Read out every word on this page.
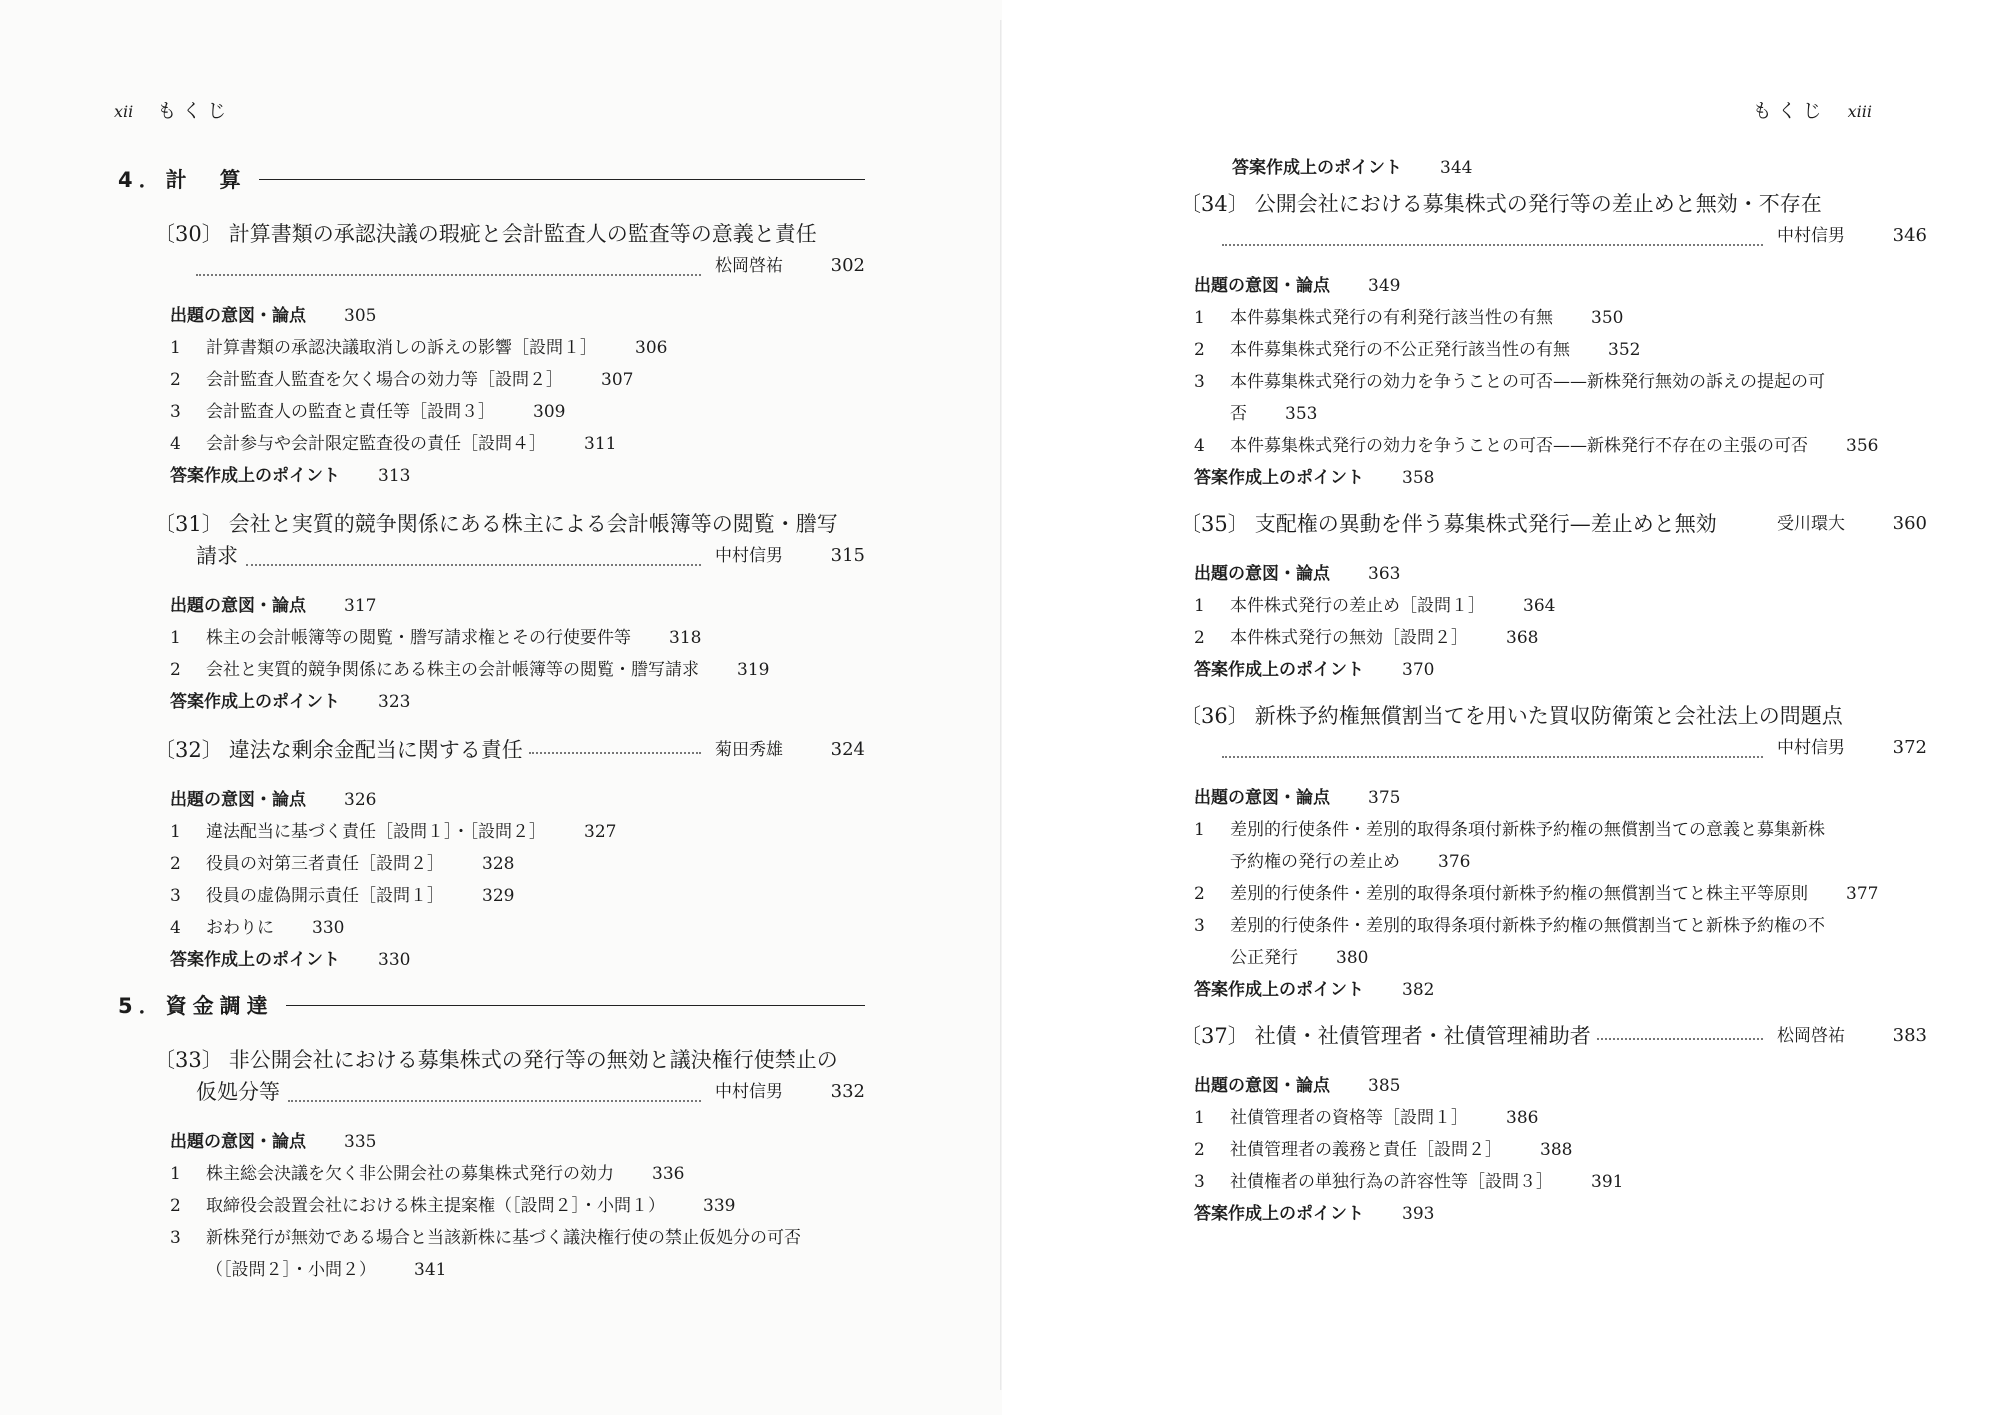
xii もくじ
4．計　算
〔30〕 計算書類の承認決議の瑕疵と会計監査人の監査等の意義と責任
松岡啓祐	302
出題の意図・論点 305
1	計算書類の承認決議取消しの訴えの影響［設問１］ 306
2	会計監査人監査を欠く場合の効力等［設問２］ 307
3	会計監査人の監査と責任等［設問３］ 309
4	会計参与や会計限定監査役の責任［設問４］ 311
答案作成上のポイント 313
〔31〕 会社と実質的競争関係にある株主による会計帳簿等の閲覧・謄写
請求	中村信男	315
出題の意図・論点 317
1	株主の会計帳簿等の閲覧・謄写請求権とその行使要件等 318
2	会社と実質的競争関係にある株主の会計帳簿等の閲覧・謄写請求 319
答案作成上のポイント 323
〔32〕 違法な剰余金配当に関する責任	菊田秀雄	324
出題の意図・論点 326
1	違法配当に基づく責任［設問１］・［設問２］ 327
2	役員の対第三者責任［設問２］ 328
3	役員の虚偽開示責任［設問１］ 329
4	おわりに 330
答案作成上のポイント 330
5．資金調達
〔33〕 非公開会社における募集株式の発行等の無効と議決権行使禁止の
仮処分等	中村信男	332
出題の意図・論点 335
1	株主総会決議を欠く非公開会社の募集株式発行の効力 336
2	取締役会設置会社における株主提案権（［設問２］・小問１） 339
3	新株発行が無効である場合と当該新株に基づく議決権行使の禁止仮処分の可否
（［設問２］・小問２） 341
もくじ xiii
答案作成上のポイント 344
〔34〕 公開会社における募集株式の発行等の差止めと無効・不存在
中村信男	346
出題の意図・論点 349
1	本件募集株式発行の有利発行該当性の有無 350
2	本件募集株式発行の不公正発行該当性の有無 352
3	本件募集株式発行の効力を争うことの可否——新株発行無効の訴えの提起の可
否 353
4	本件募集株式発行の効力を争うことの可否——新株発行不存在の主張の可否 356
答案作成上のポイント 358
〔35〕 支配権の異動を伴う募集株式発行—差止めと無効	受川環大	360
出題の意図・論点 363
1	本件株式発行の差止め［設問１］ 364
2	本件株式発行の無効［設問２］ 368
答案作成上のポイント 370
〔36〕 新株予約権無償割当てを用いた買収防衛策と会社法上の問題点
中村信男	372
出題の意図・論点 375
1	差別的行使条件・差別的取得条項付新株予約権の無償割当ての意義と募集新株
予約権の発行の差止め 376
2	差別的行使条件・差別的取得条項付新株予約権の無償割当てと株主平等原則 377
3	差別的行使条件・差別的取得条項付新株予約権の無償割当てと新株予約権の不
公正発行 380
答案作成上のポイント 382
〔37〕 社債・社債管理者・社債管理補助者	松岡啓祐	383
出題の意図・論点 385
1	社債管理者の資格等［設問１］ 386
2	社債管理者の義務と責任［設問２］ 388
3	社債権者の単独行為の許容性等［設問３］ 391
答案作成上のポイント 393
